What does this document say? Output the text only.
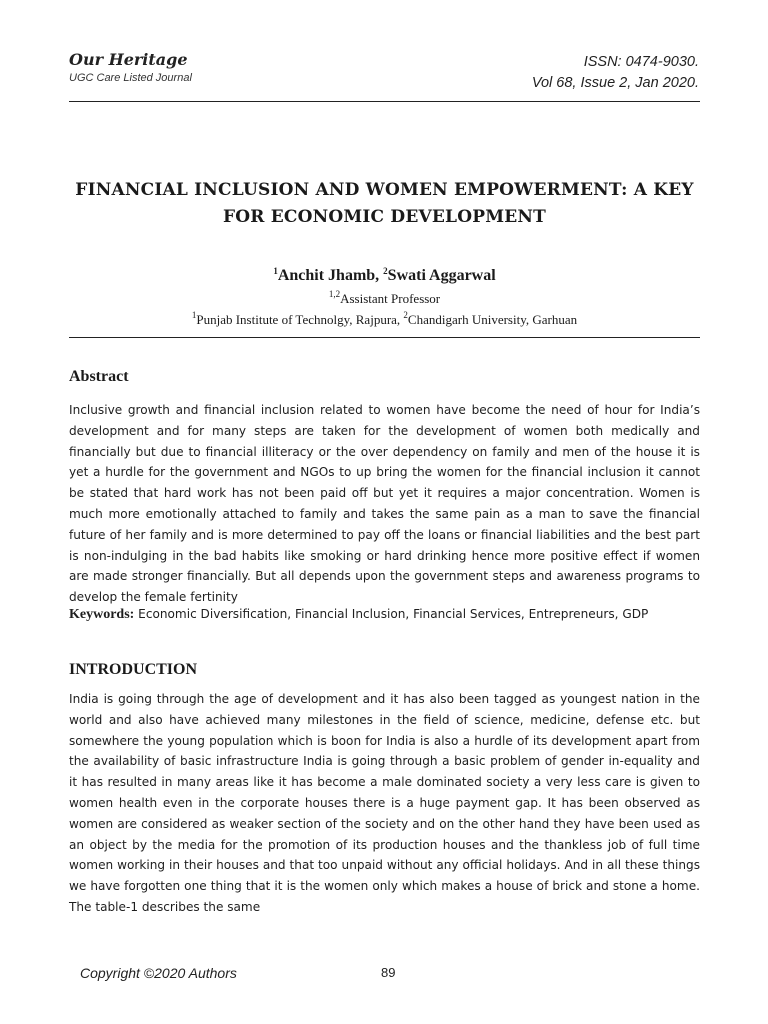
Our Heritage
UGC Care Listed Journal
ISSN: 0474-9030.
Vol 68, Issue 2, Jan 2020.
FINANCIAL INCLUSION AND WOMEN EMPOWERMENT: A KEY FOR ECONOMIC DEVELOPMENT
$^1$Anchit Jhamb, $^2$Swati Aggarwal
$^{1,2}$Assistant Professor
$^1$Punjab Institute of Technolgy, Rajpura, $^2$Chandigarh University, Garhuan
Abstract
Inclusive growth and financial inclusion related to women have become the need of hour for India’s development and for many steps are taken for the development of women both medically and financially but due to financial illiteracy or the over dependency on family and men of the house it is yet a hurdle for the government and NGOs to up bring the women for the financial inclusion it cannot be stated that hard work has not been paid off but yet it requires a major concentration. Women is much more emotionally attached to family and takes the same pain as a man to save the financial future of her family and is more determined to pay off the loans or financial liabilities and the best part is non-indulging in the bad habits like smoking or hard drinking hence more positive effect if women are made stronger financially. But all depends upon the government steps and awareness programs to develop the female fertinity
Keywords: Economic Diversification, Financial Inclusion, Financial Services, Entrepreneurs, GDP
INTRODUCTION
India is going through the age of development and it has also been tagged as youngest nation in the world and also have achieved many milestones in the field of science, medicine, defense etc. but somewhere the young population which is boon for India is also a hurdle of its development apart from the availability of basic infrastructure India is going through a basic problem of gender in-equality and it has resulted in many areas like it has become a male dominated society a very less care is given to women health even in the corporate houses there is a huge payment gap. It has been observed as women are considered as weaker section of the society and on the other hand they have been used as an object by the media for the promotion of its production houses and the thankless job of full time women working in their houses and that too unpaid without any official holidays. And in all these things we have forgotten one thing that it is the women only which makes a house of brick and stone a home. The table-1 describes the same
Copyright ©2020 Authors	89
